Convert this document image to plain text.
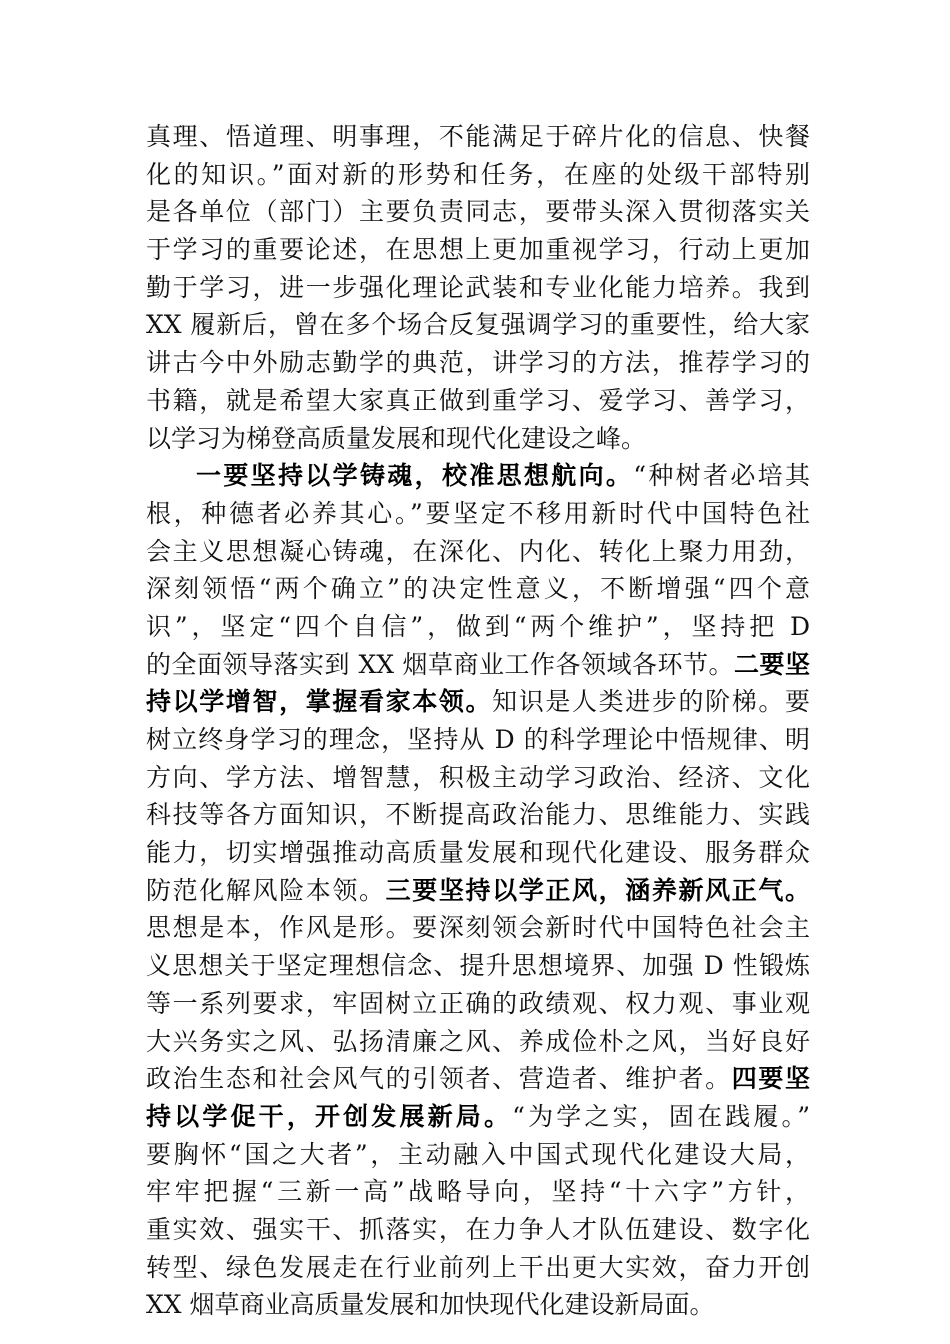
真理、悟道理、明事理，不能满足于碎片化的信息、快餐
化的知识。”面对新的形势和任务，在座的处级干部特别
是各单位（部门）主要负责同志，要带头深入贯彻落实关
于学习的重要论述，在思想上更加重视学习，行动上更加
勤于学习，进一步强化理论武装和专业化能力培养。我到
XX 履新后，曾在多个场合反复强调学习的重要性，给大家
讲古今中外励志勤学的典范，讲学习的方法，推荐学习的
书籍，就是希望大家真正做到重学习、爱学习、善学习，
以学习为梯登高质量发展和现代化建设之峰。
一要坚持以学铸魂，校准思想航向。“种树者必培其
根，种德者必养其心。”要坚定不移用新时代中国特色社
会主义思想凝心铸魂，在深化、内化、转化上聚力用劲，
深刻领悟“两个确立”的决定性意义，不断增强“四个意
识”，坚定“四个自信”，做到“两个维护”，坚持把 D
的全面领导落实到 XX 烟草商业工作各领域各环节。二要坚
持以学增智，掌握看家本领。知识是人类进步的阶梯。要
树立终身学习的理念，坚持从 D 的科学理论中悟规律、明
方向、学方法、增智慧，积极主动学习政治、经济、文化
科技等各方面知识，不断提高政治能力、思维能力、实践
能力，切实增强推动高质量发展和现代化建设、服务群众
防范化解风险本领。三要坚持以学正风，涵养新风正气。
思想是本，作风是形。要深刻领会新时代中国特色社会主
义思想关于坚定理想信念、提升思想境界、加强 D 性锻炼
等一系列要求，牢固树立正确的政绩观、权力观、事业观
大兴务实之风、弘扬清廉之风、养成俭朴之风，当好良好
政治生态和社会风气的引领者、营造者、维护者。四要坚
持以学促干，开创发展新局。“为学之实，固在践履。”
要胸怀“国之大者”，主动融入中国式现代化建设大局，
牢牢把握“三新一高”战略导向，坚持“十六字”方针，
重实效、强实干、抓落实，在力争人才队伍建设、数字化
转型、绿色发展走在行业前列上干出更大实效，奋力开创
XX 烟草商业高质量发展和加快现代化建设新局面。
